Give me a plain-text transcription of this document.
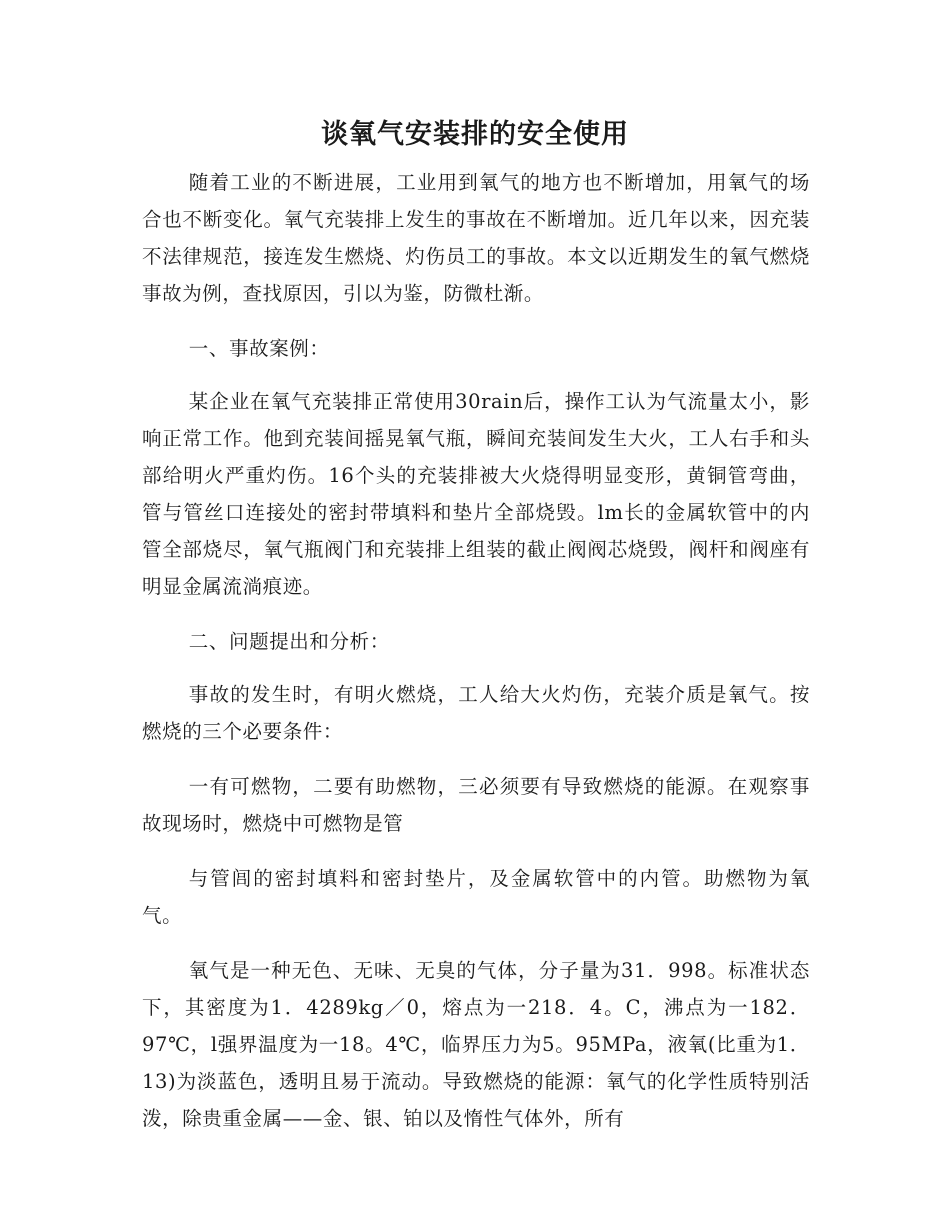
谈氧气安装排的安全使用

随着工业的不断进展，工业用到氧气的地方也不断增加，用氧气的场合也不断变化。氧气充装排上发生的事故在不断增加。近几年以来，因充装不法律规范，接连发生燃烧、灼伤员工的事故。本文以近期发生的氧气燃烧事故为例，查找原因，引以为鉴，防微杜渐。

一、事故案例：

某企业在氧气充装排正常使用30rain后，操作工认为气流量太小，影响正常工作。他到充装间摇晃氧气瓶，瞬间充装间发生大火，工人右手和头部给明火严重灼伤。16个头的充装排被大火烧得明显变形，黄铜管弯曲，管与管丝口连接处的密封带填料和垫片全部烧毁。lm长的金属软管中的内管全部烧尽，氧气瓶阀门和充装排上组装的截止阀阀芯烧毁，阀杆和阀座有明显金属流淌痕迹。

二、问题提出和分析：

事故的发生时，有明火燃烧，工人给大火灼伤，充装介质是氧气。按燃烧的三个必要条件：

一有可燃物，二要有助燃物，三必须要有导致燃烧的能源。在观察事故现场时，燃烧中可燃物是管

与管闾的密封填料和密封垫片，及金属软管中的内管。助燃物为氧气。

氧气是一种无色、无味、无臭的气体，分子量为31．998。标准状态下，其密度为1．4289kg／0，熔点为一218．4。C，沸点为一182．97℃，l强界温度为一18。4℃，临界压力为5。95MPa，液氧(比重为1．13)为淡蓝色，透明且易于流动。导致燃烧的能源：氧气的化学性质特别活泼，除贵重金属——金、银、铂以及惰性气体外，所有
